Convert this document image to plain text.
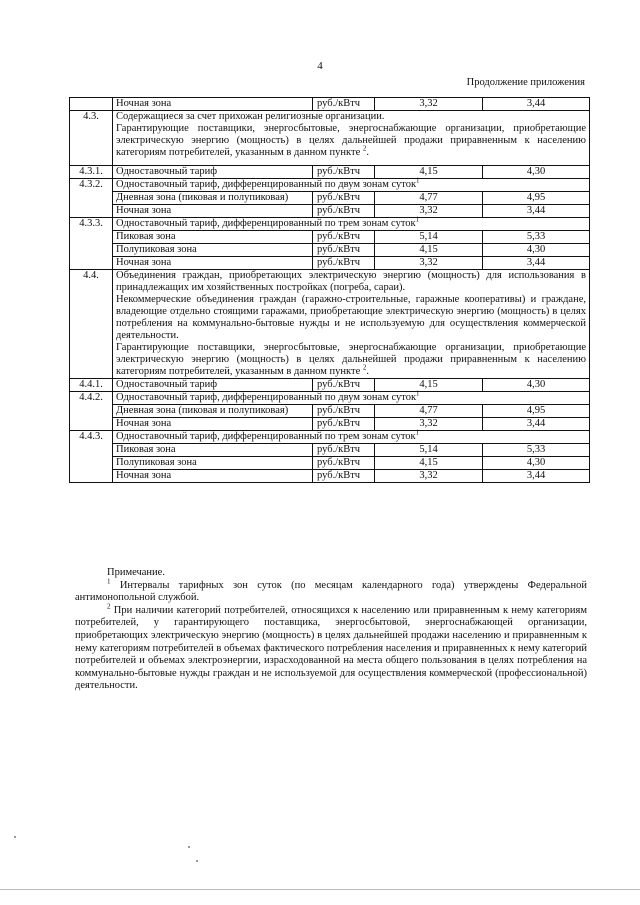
4
Продолжение приложения
	Ночная зона	руб./кВтч	3,32	3,44
4.3.	Содержащиеся за счет прихожан религиозные организации.
Гарантирующие поставщики, энергосбытовые, энергоснабжающие организации, приобретающие электрическую энергию (мощность) в целях дальнейшей продажи приравненным к населению категориям потребителей, указанным в данном пункте $^2$.			

4.3.1.	Одноставочный тариф	руб./кВтч	4,15	4,30
4.3.2.	Одноставочный тариф, дифференцированный по двум зонам суток$^1$
	Дневная зона (пиковая и полупиковая)	руб./кВтч	4,77	4,95
	Ночная зона	руб./кВтч	3,32	3,44
4.3.3.	Одноставочный тариф, дифференцированный по трем зонам суток$^1$
	Пиковая зона	руб./кВтч	5,14	5,33
	Полупиковая зона	руб./кВтч	4,15	4,30
	Ночная зона	руб./кВтч	3,32	3,44
4.4.	Объединения граждан, приобретающих электрическую энергию (мощность) для использования в принадлежащих им хозяйственных постройках (погреба, сараи).
Некоммерческие объединения граждан (гаражно-строительные, гаражные кооперативы) и граждане, владеющие отдельно стоящими гаражами, приобретающие электрическую энергию (мощность) в целях потребления на коммунально-бытовые нужды и не используемую для осуществления коммерческой деятельности.
Гарантирующие поставщики, энергосбытовые, энергоснабжающие организации, приобретающие электрическую энергию (мощность) в целях дальнейшей продажи приравненным к населению категориям потребителей, указанным в данном пункте $^2$.			

4.4.1.	Одноставочный тариф	руб./кВтч	4,15	4,30
4.4.2.	Одноставочный тариф, дифференцированный по двум зонам суток$^1$
	Дневная зона (пиковая и полупиковая)	руб./кВтч	4,77	4,95
	Ночная зона	руб./кВтч	3,32	3,44
4.4.3.	Одноставочный тариф, дифференцированный по трем зонам суток$^1$
	Пиковая зона	руб./кВтч	5,14	5,33
	Полупиковая зона	руб./кВтч	4,15	4,30
	Ночная зона	руб./кВтч	3,32	3,44

Примечание.

$^1$ Интервалы тарифных зон суток (по месяцам календарного года) утверждены Федеральной антимонопольной службой.

$^2$ При наличии категорий потребителей, относящихся к населению или приравненным к нему категориям потребителей, у гарантирующего поставщика, энергосбытовой, энергоснабжающей организации, приобретающих электрическую энергию (мощность) в целях дальнейшей продажи населению и приравненным к нему категориям потребителей в объемах фактического потребления населения и приравненных к нему категорий потребителей и объемах электроэнергии, израсходованной на места общего пользования в целях потребления на коммунально-бытовые нужды граждан и не используемой для осуществления коммерческой (профессиональной) деятельности.
